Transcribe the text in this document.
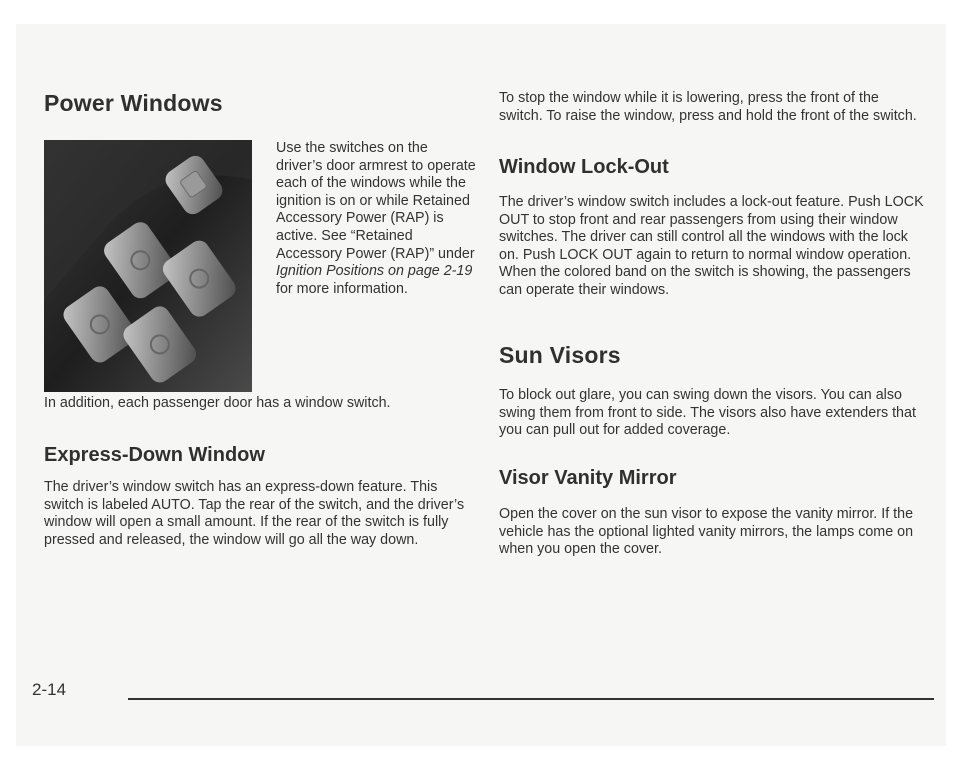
Power Windows

Use the switches on the driver’s door armrest to operate each of the windows while the ignition is on or while Retained Accessory Power (RAP) is active. See “Retained Accessory Power (RAP)” under Ignition Positions on page 2-19 for more information.

In addition, each passenger door has a window switch.

Express-Down Window

The driver’s window switch has an express-down feature. This switch is labeled AUTO. Tap the rear of the switch, and the driver’s window will open a small amount. If the rear of the switch is fully pressed and released, the window will go all the way down.

To stop the window while it is lowering, press the front of the switch. To raise the window, press and hold the front of the switch.

Window Lock-Out

The driver’s window switch includes a lock-out feature. Push LOCK OUT to stop front and rear passengers from using their window switches. The driver can still control all the windows with the lock on. Push LOCK OUT again to return to normal window operation. When the colored band on the switch is showing, the passengers can operate their windows.

Sun Visors

To block out glare, you can swing down the visors. You can also swing them from front to side. The visors also have extenders that you can pull out for added coverage.

Visor Vanity Mirror

Open the cover on the sun visor to expose the vanity mirror. If the vehicle has the optional lighted vanity mirrors, the lamps come on when you open the cover.

2-14
